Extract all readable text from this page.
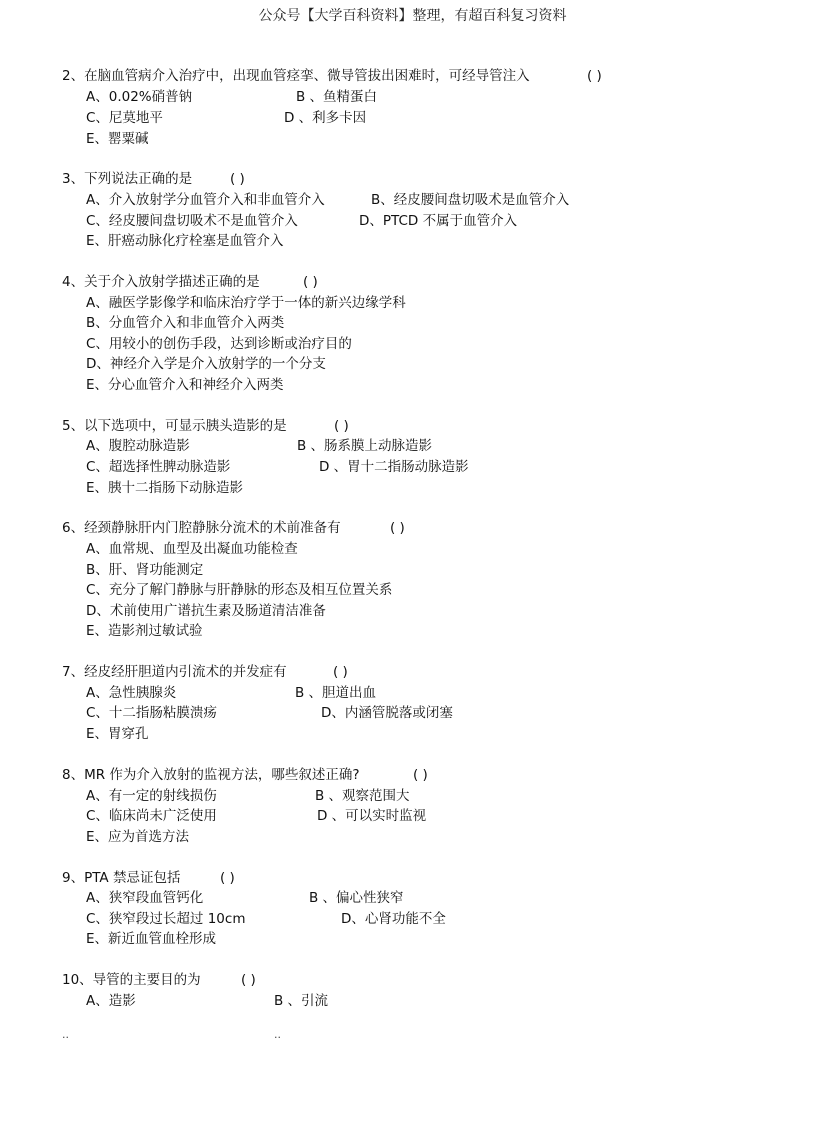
公众号【大学百科资料】整理，有超百科复习资料
2、在脑血管病介入治疗中，出现血管痉挛、微导管拔出困难时，可经导管注入	( )
A、0.02%硝普钠	B 、鱼精蛋白
C、尼莫地平	D 、利多卡因
E、罂粟碱
3、下列说法正确的是	( )
A、介入放射学分血管介入和非血管介入	B、经皮腰间盘切吸术是血管介入
C、经皮腰间盘切吸术不是血管介入	D、PTCD 不属于血管介入
E、肝癌动脉化疗栓塞是血管介入
4、关于介入放射学描述正确的是	( )
A、融医学影像学和临床治疗学于一体的新兴边缘学科
B、分血管介入和非血管介入两类
C、用较小的创伤手段，达到诊断或治疗目的
D、神经介入学是介入放射学的一个分支
E、分心血管介入和神经介入两类
5、以下选项中，可显示胰头造影的是	( )
A、腹腔动脉造影	B 、肠系膜上动脉造影
C、超选择性脾动脉造影	D 、胃十二指肠动脉造影
E、胰十二指肠下动脉造影
6、经颈静脉肝内门腔静脉分流术的术前准备有	( )
A、血常规、血型及出凝血功能检查
B、肝、肾功能测定
C、充分了解门静脉与肝静脉的形态及相互位置关系
D、术前使用广谱抗生素及肠道清洁准备
E、造影剂过敏试验
7、经皮经肝胆道内引流术的并发症有	( )
A、急性胰腺炎	B 、胆道出血
C、十二指肠粘膜溃疡	D、内涵管脱落或闭塞
E、胃穿孔
8、MR 作为介入放射的监视方法，哪些叙述正确?	( )
A、有一定的射线损伤	B 、观察范围大
C、临床尚未广泛使用	D 、可以实时监视
E、应为首选方法
9、PTA 禁忌证包括	( )
A、狭窄段血管钙化	B 、偏心性狭窄
C、狭窄段过长超过 10cm	D、心肾功能不全
E、新近血管血栓形成
10、导管的主要目的为	( )
A、造影	B 、引流
..	..
